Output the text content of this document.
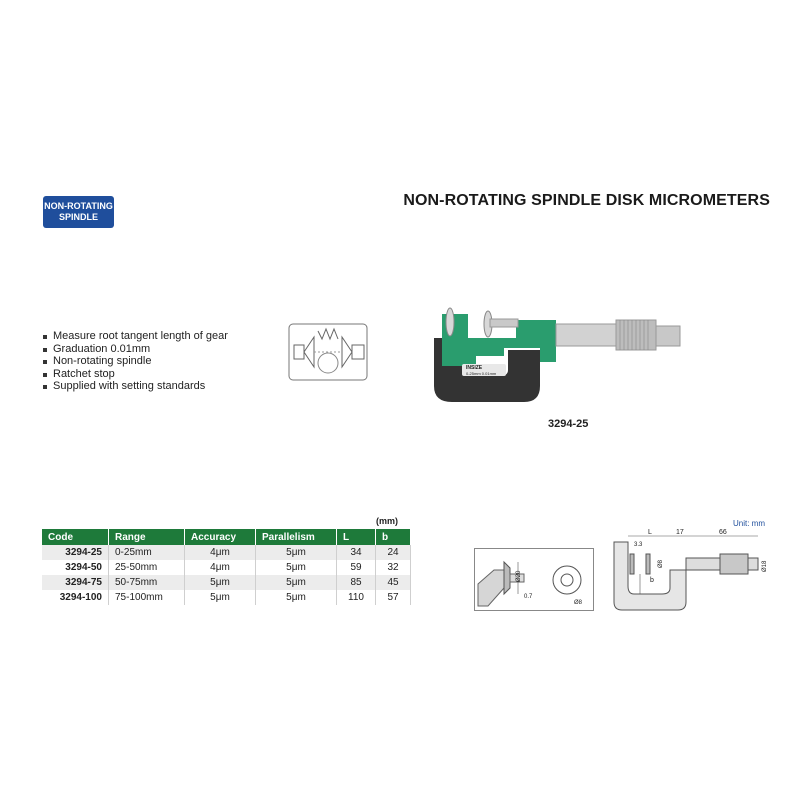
NON-ROTATING
SPINDLE
NON-ROTATING SPINDLE DISK MICROMETERS
Measure root tangent length of gear
Graduation 0.01mm
Non-rotating spindle
Ratchet stop
Supplied with setting standards
INSIZE
0-25mm 0.01mm
3294-25
(mm)
Code	Range	Accuracy	Parallelism	L	b
3294-25	0-25mm	4μm	5μm	34	24
3294-50	25-50mm	4μm	5μm	59	32
3294-75	50-75mm	5μm	5μm	85	45
3294-100	75-100mm	5μm	5μm	110	57
Ø20
0.7
Ø8
Unit: mm
L	17	66
3.3
Ø8
b
Ø18
